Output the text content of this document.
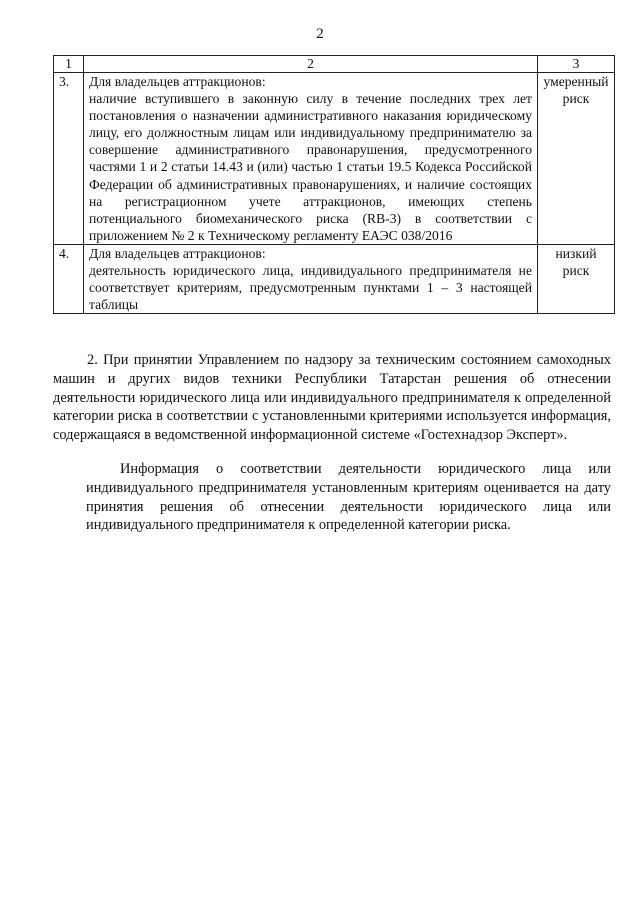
2
1	2	3
3.	Для владельцев аттракционов:
наличие вступившего в законную силу в течение последних трех лет постановления о назначении административного наказания юридическому лицу, его должностным лицам или индивидуальному предпринимателю за совершение административного правонарушения, предусмотренного частями 1 и 2 статьи 14.43 и (или) частью 1 статьи 19.5 Кодекса Российской Федерации об административных правонарушениях, и наличие состоящих на регистрационном учете аттракционов, имеющих степень потенциального биомеханического риска (RB-3) в соответствии с приложением № 2 к Техническому регламенту ЕАЭС 038/2016	умеренный риск
4.	Для владельцев аттракционов:
деятельность юридического лица, индивидуального предпринимателя не соответствует критериям, предусмотренным пунктами 1 – 3 настоящей таблицы	низкий риск

2. При принятии Управлением по надзору за техническим состоянием самоходных машин и других видов техники Республики Татарстан решения об отнесении деятельности юридического лица или индивидуального предпринимателя к определенной категории риска в соответствии с установленными критериями используется информация, содержащаяся в ведомственной информационной системе «Гостехнадзор Эксперт».

Информация о соответствии деятельности юридического лица или индивидуального предпринимателя установленным критериям оценивается на дату принятия решения об отнесении деятельности юридического лица или индивидуального предпринимателя к определенной категории риска.
